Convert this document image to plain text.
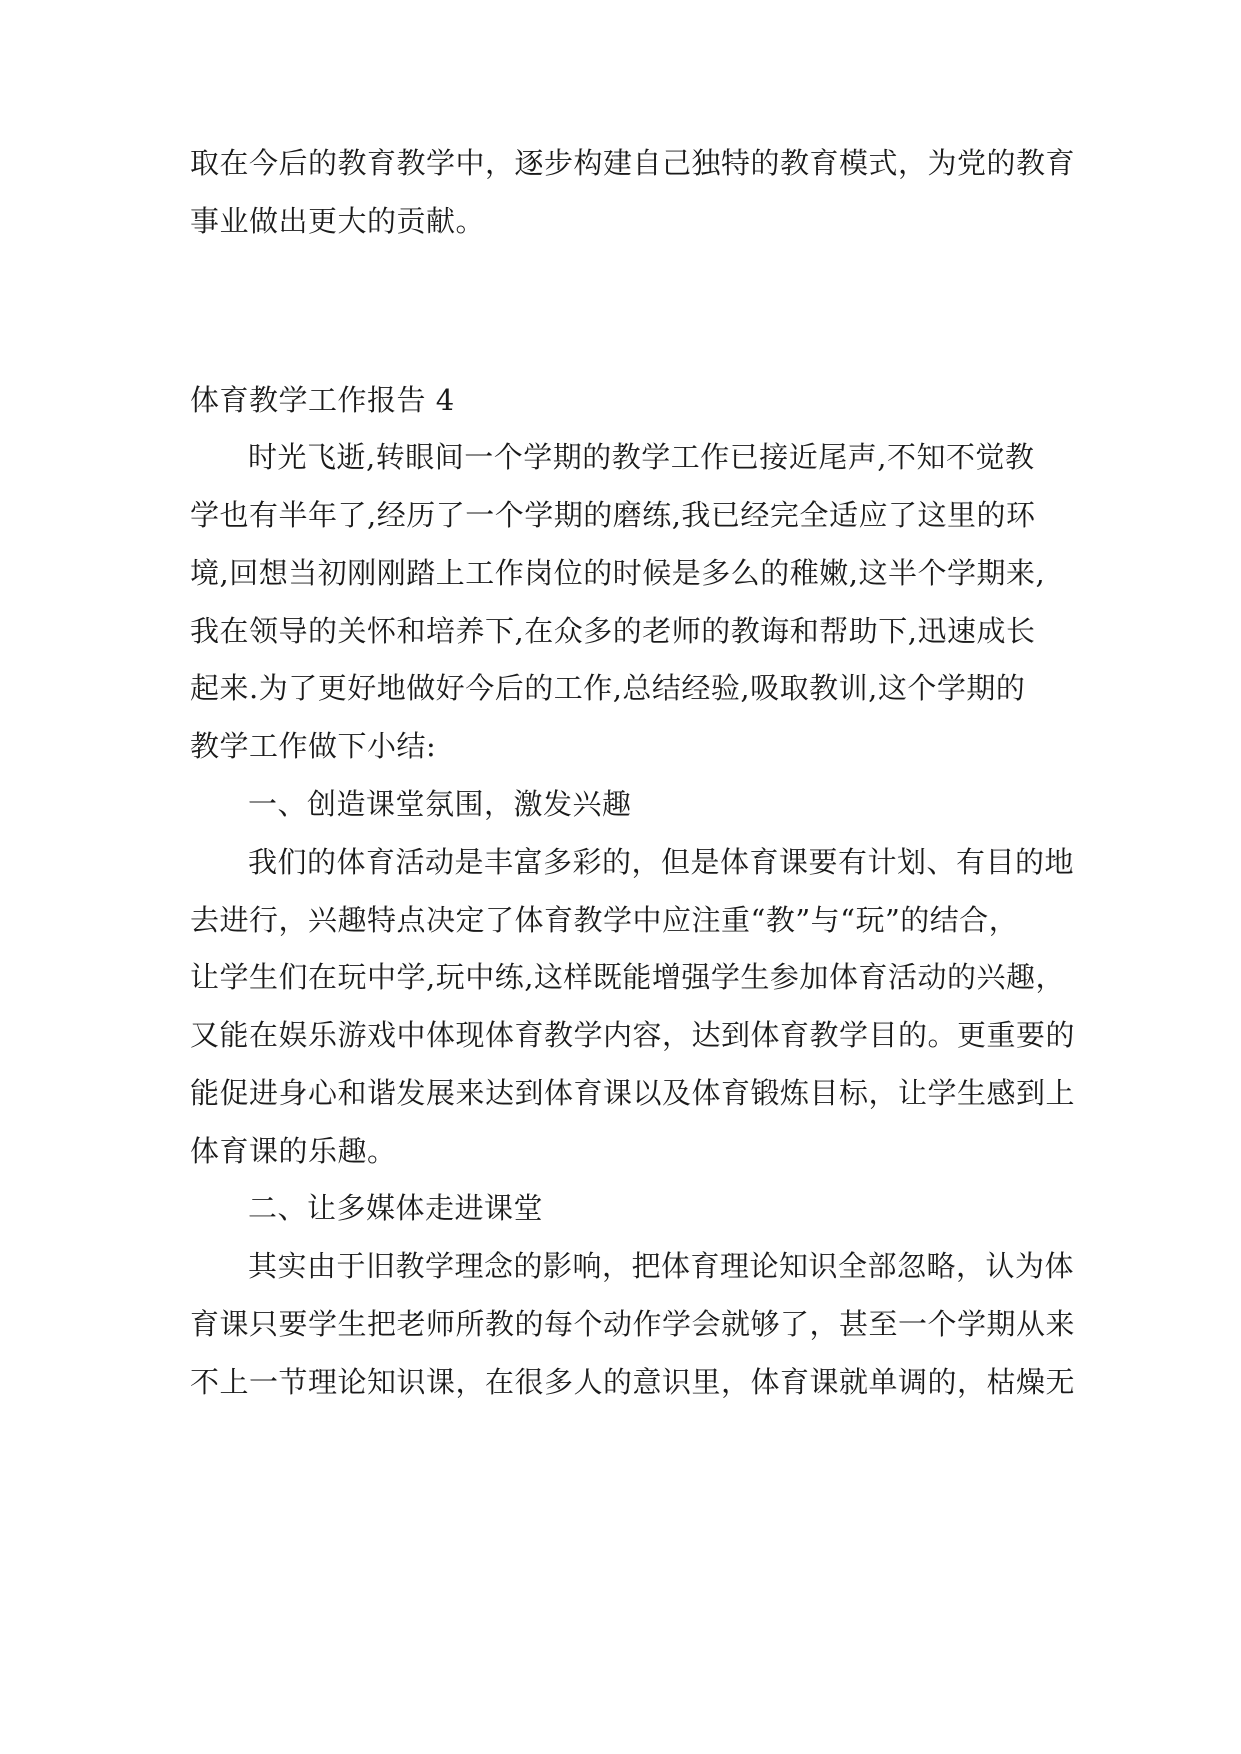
取在今后的教育教学中，逐步构建自己独特的教育模式，为党的教育
事业做出更大的贡献。
体育教学工作报告 4
时光飞逝,转眼间一个学期的教学工作已接近尾声,不知不觉教
学也有半年了,经历了一个学期的磨练,我已经完全适应了这里的环
境,回想当初刚刚踏上工作岗位的时候是多么的稚嫩,这半个学期来,
我在领导的关怀和培养下,在众多的老师的教诲和帮助下,迅速成长
起来.为了更好地做好今后的工作,总结经验,吸取教训,这个学期的
教学工作做下小结:
一、创造课堂氛围，激发兴趣
我们的体育活动是丰富多彩的，但是体育课要有计划、有目的地
去进行，兴趣特点决定了体育教学中应注重“教”与“玩”的结合，
让学生们在玩中学,玩中练,这样既能增强学生参加体育活动的兴趣，
又能在娱乐游戏中体现体育教学内容，达到体育教学目的。更重要的
能促进身心和谐发展来达到体育课以及体育锻炼目标，让学生感到上
体育课的乐趣。
二、让多媒体走进课堂
其实由于旧教学理念的影响，把体育理论知识全部忽略，认为体
育课只要学生把老师所教的每个动作学会就够了，甚至一个学期从来
不上一节理论知识课，在很多人的意识里，体育课就单调的，枯燥无
